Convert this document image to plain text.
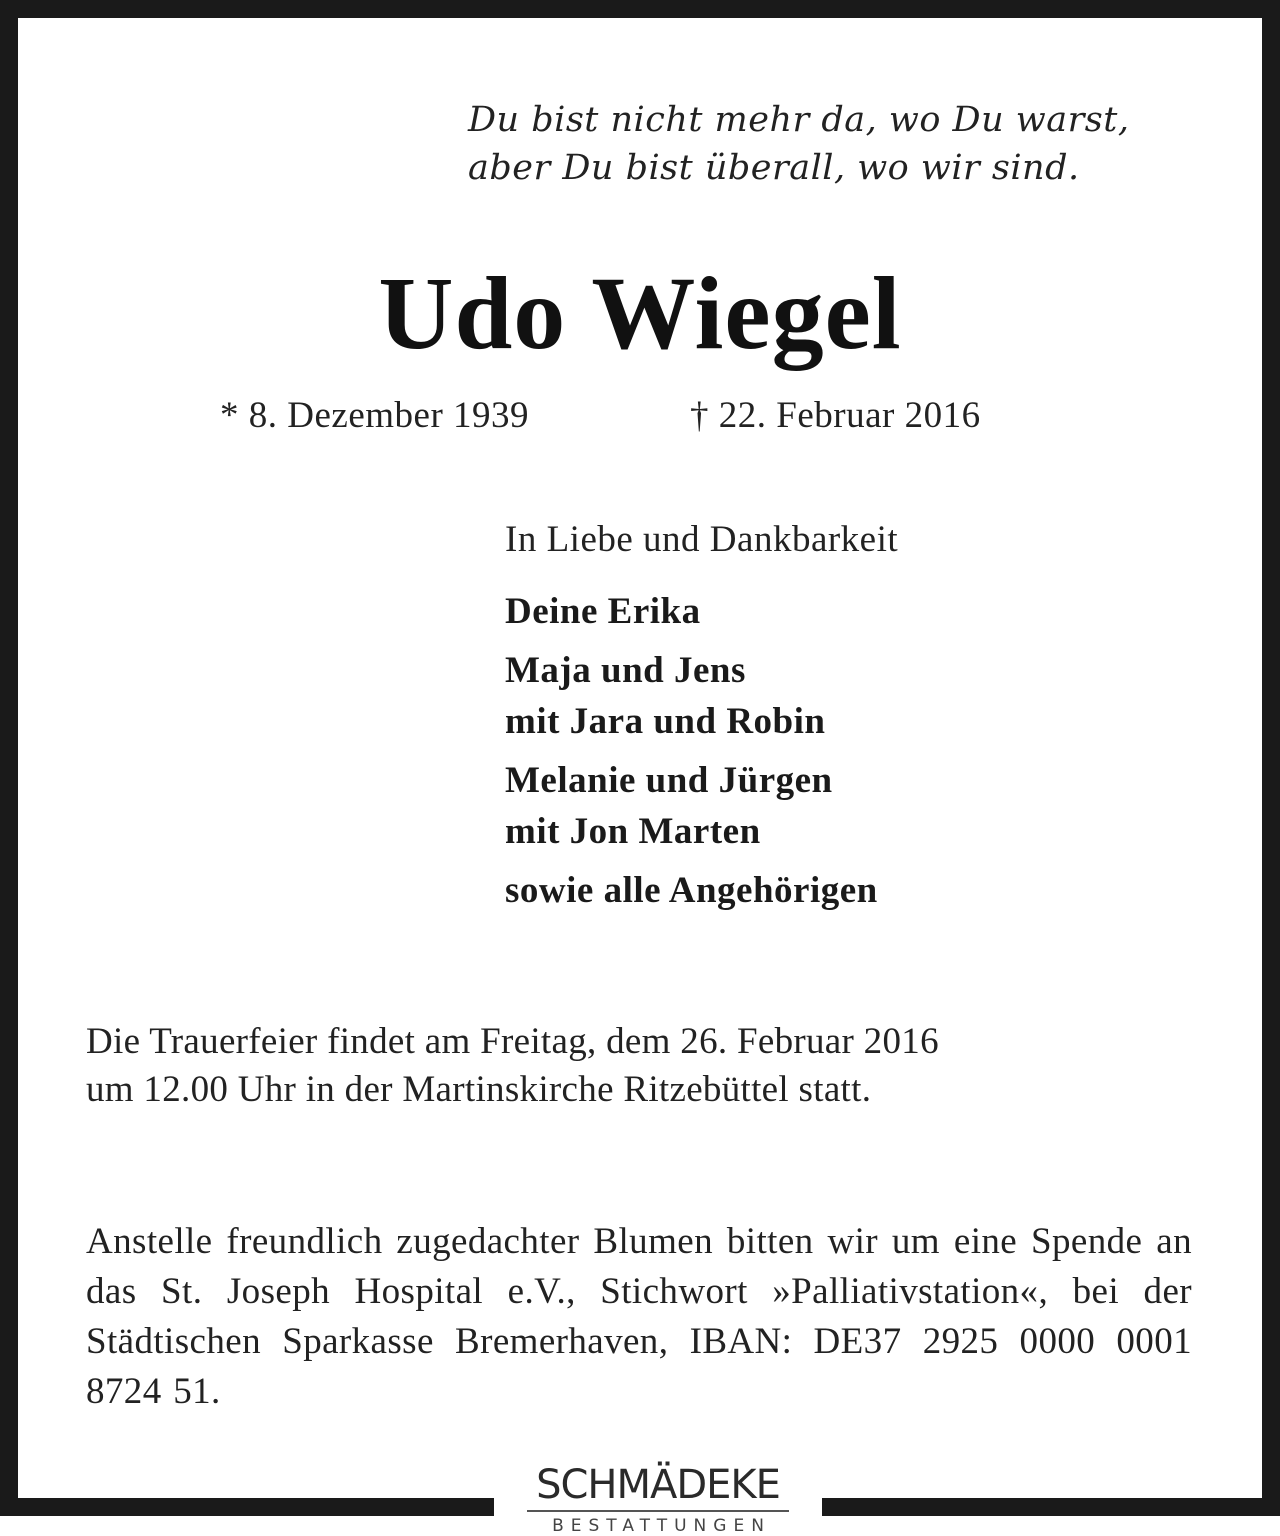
Du bist nicht mehr da, wo Du warst,
aber Du bist überall, wo wir sind.
Udo Wiegel
* 8. Dezember 1939	† 22. Februar 2016
In Liebe und Dankbarkeit
Deine Erika
Maja und Jens
mit Jara und Robin
Melanie und Jürgen
mit Jon Marten
sowie alle Angehörigen
Die Trauerfeier findet am Freitag, dem 26. Februar 2016
um 12.00 Uhr in der Martinskirche Ritzebüttel statt.
Anstelle freundlich zugedachter Blumen bitten wir um eine Spende an das St. Joseph Hospital e.V., Stichwort »Palliativstation«, bei der Städtischen Sparkasse Bremerhaven, IBAN: DE37 2925 0000 0001 8724 51.
SCHMÄDEKE
BESTATTUNGEN
